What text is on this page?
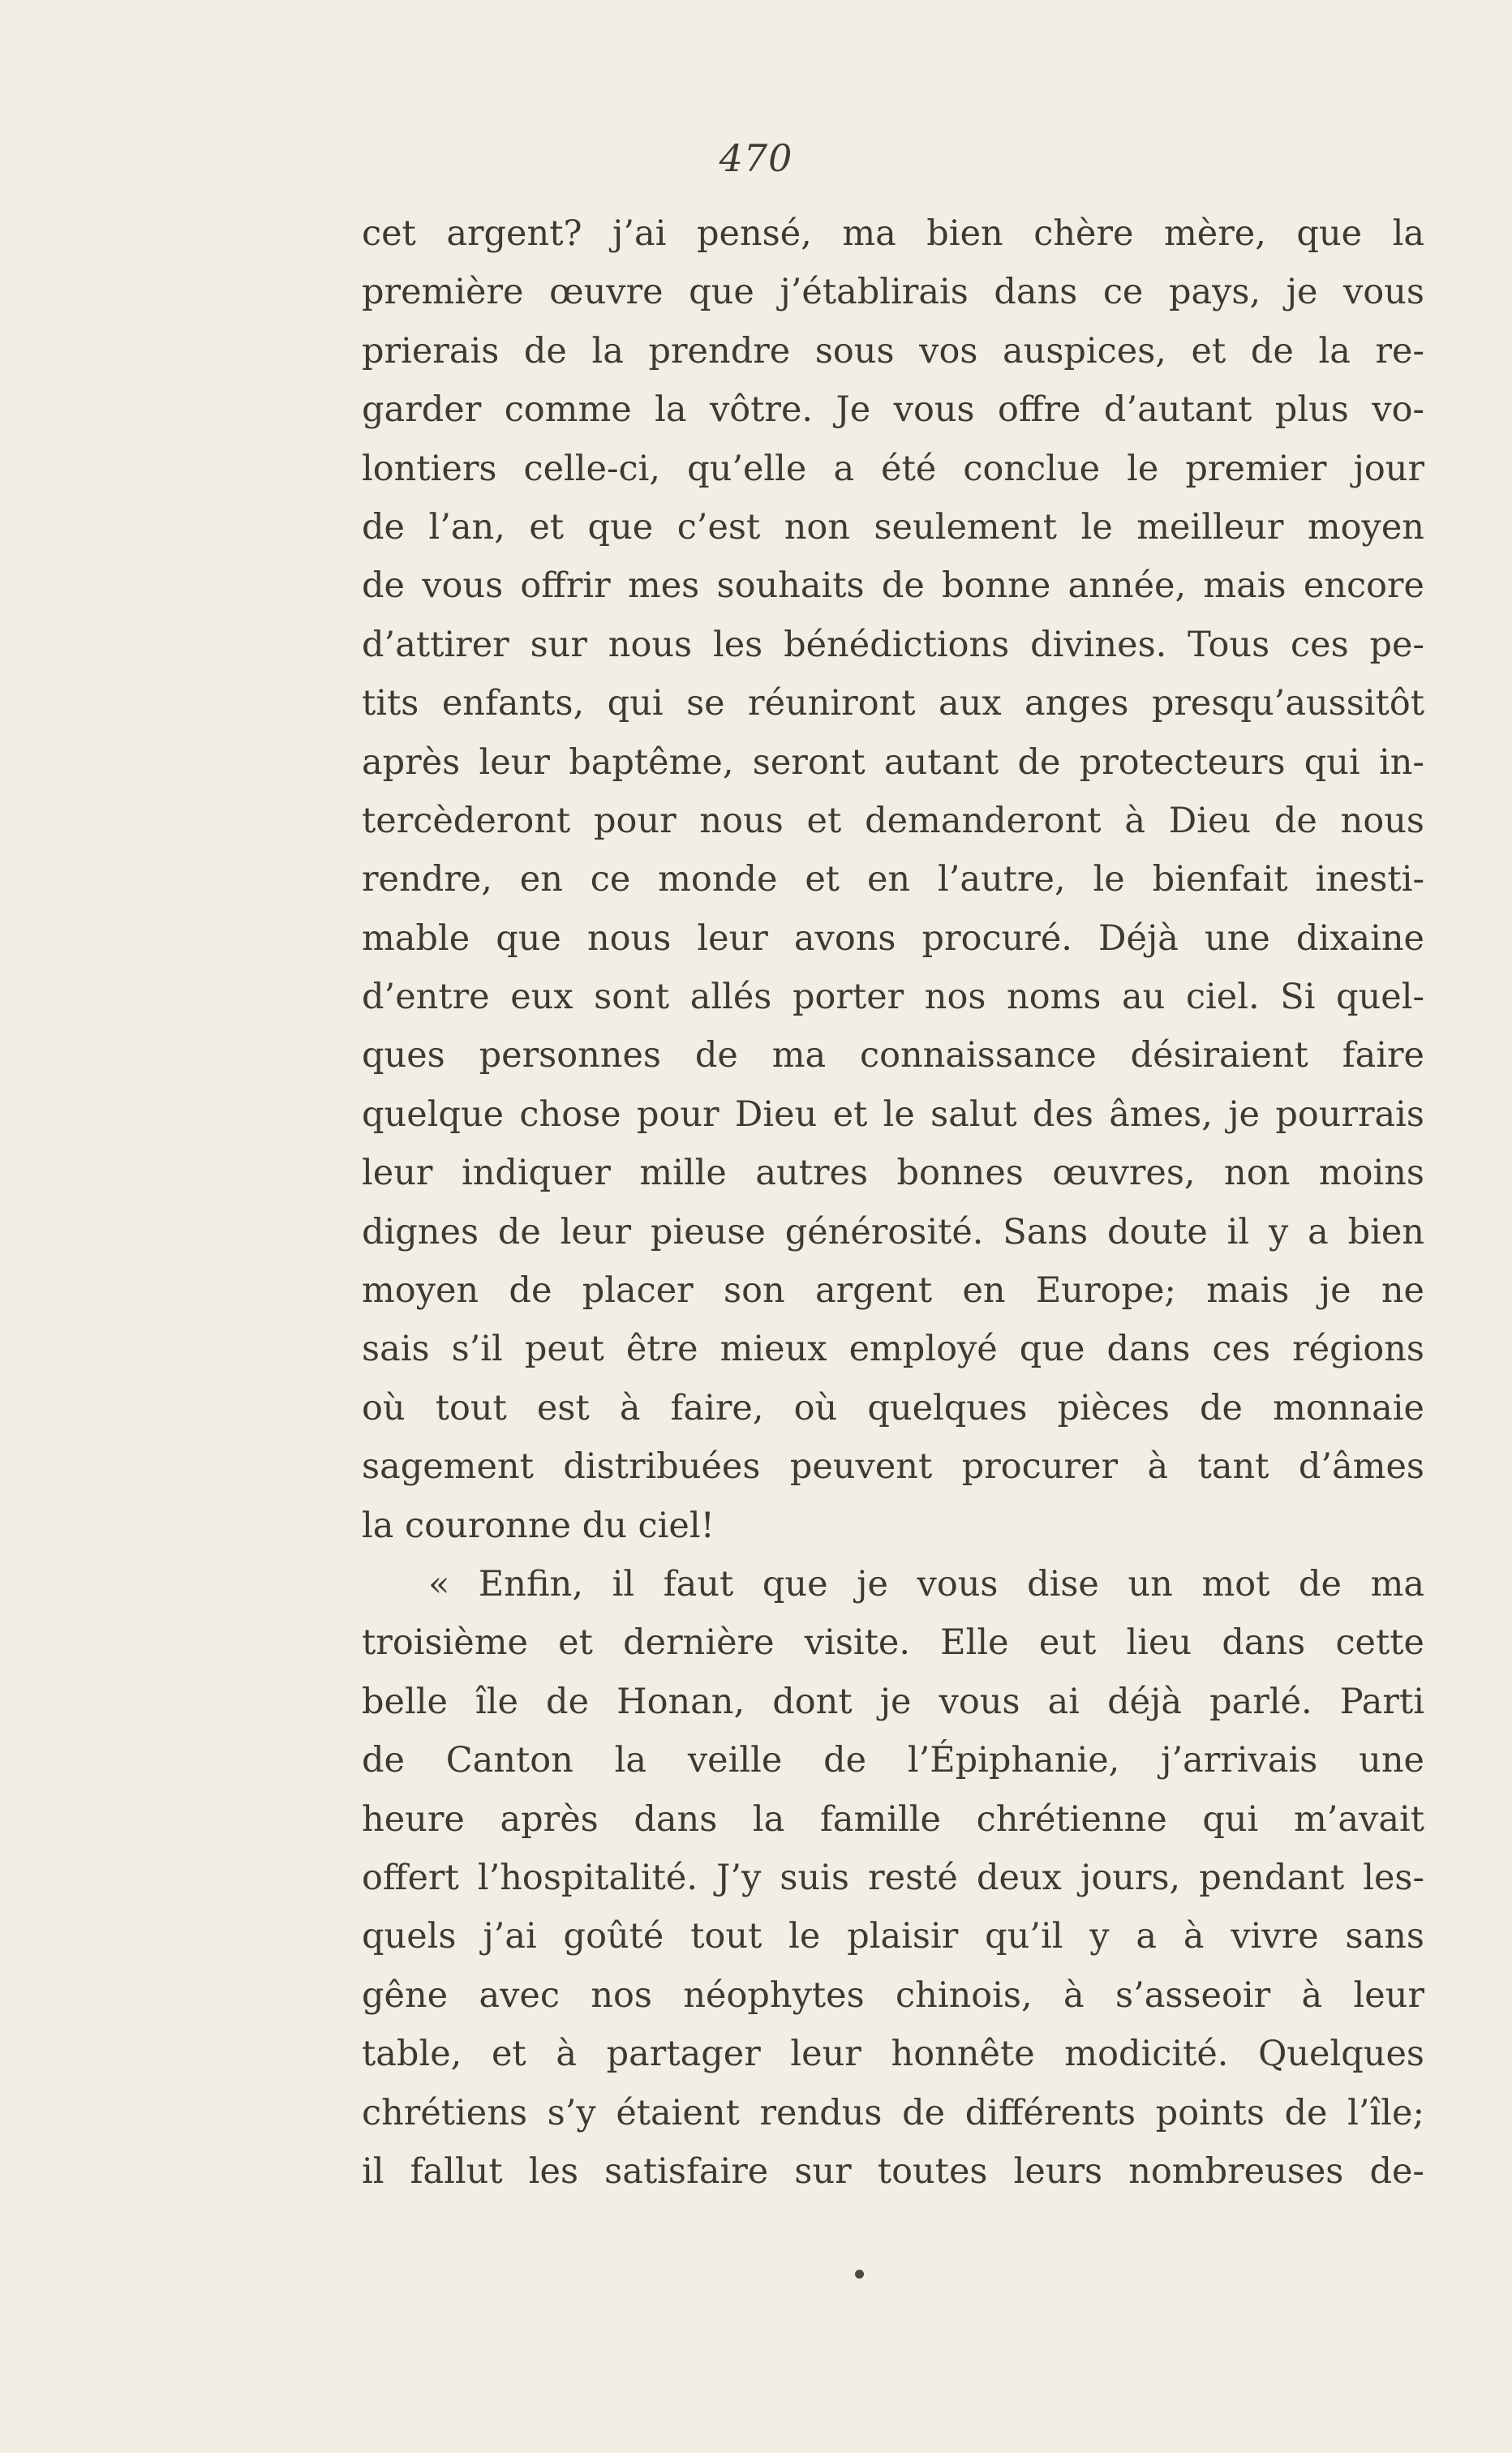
470
cet argent? j’ai pensé, ma bien chère mère, que la
première œuvre que j’établirais dans ce pays, je vous
prierais de la prendre sous vos auspices, et de la re-
garder comme la vôtre. Je vous offre d’autant plus vo-
lontiers celle-ci, qu’elle a été conclue le premier jour
de l’an, et que c’est non seulement le meilleur moyen
de vous offrir mes souhaits de bonne année, mais encore
d’attirer sur nous les bénédictions divines. Tous ces pe-
tits enfants, qui se réuniront aux anges presqu’aussitôt
après leur baptême, seront autant de protecteurs qui in-
tercèderont pour nous et demanderont à Dieu de nous
rendre, en ce monde et en l’autre, le bienfait inesti-
mable que nous leur avons procuré. Déjà une dixaine
d’entre eux sont allés porter nos noms au ciel. Si quel-
ques personnes de ma connaissance désiraient faire
quelque chose pour Dieu et le salut des âmes, je pourrais
leur indiquer mille autres bonnes œuvres, non moins
dignes de leur pieuse générosité. Sans doute il y a bien
moyen de placer son argent en Europe; mais je ne
sais s’il peut être mieux employé que dans ces régions
où tout est à faire, où quelques pièces de monnaie
sagement distribuées peuvent procurer à tant d’âmes
la couronne du ciel!
« Enfin, il faut que je vous dise un mot de ma
troisième et dernière visite. Elle eut lieu dans cette
belle île de Honan, dont je vous ai déjà parlé. Parti
de Canton la veille de l’Épiphanie, j’arrivais une
heure après dans la famille chrétienne qui m’avait
offert l’hospitalité. J’y suis resté deux jours, pendant les-
quels j’ai goûté tout le plaisir qu’il y a à vivre sans
gêne avec nos néophytes chinois, à s’asseoir à leur
table, et à partager leur honnête modicité. Quelques
chrétiens s’y étaient rendus de différents points de l’île;
il fallut les satisfaire sur toutes leurs nombreuses de-
